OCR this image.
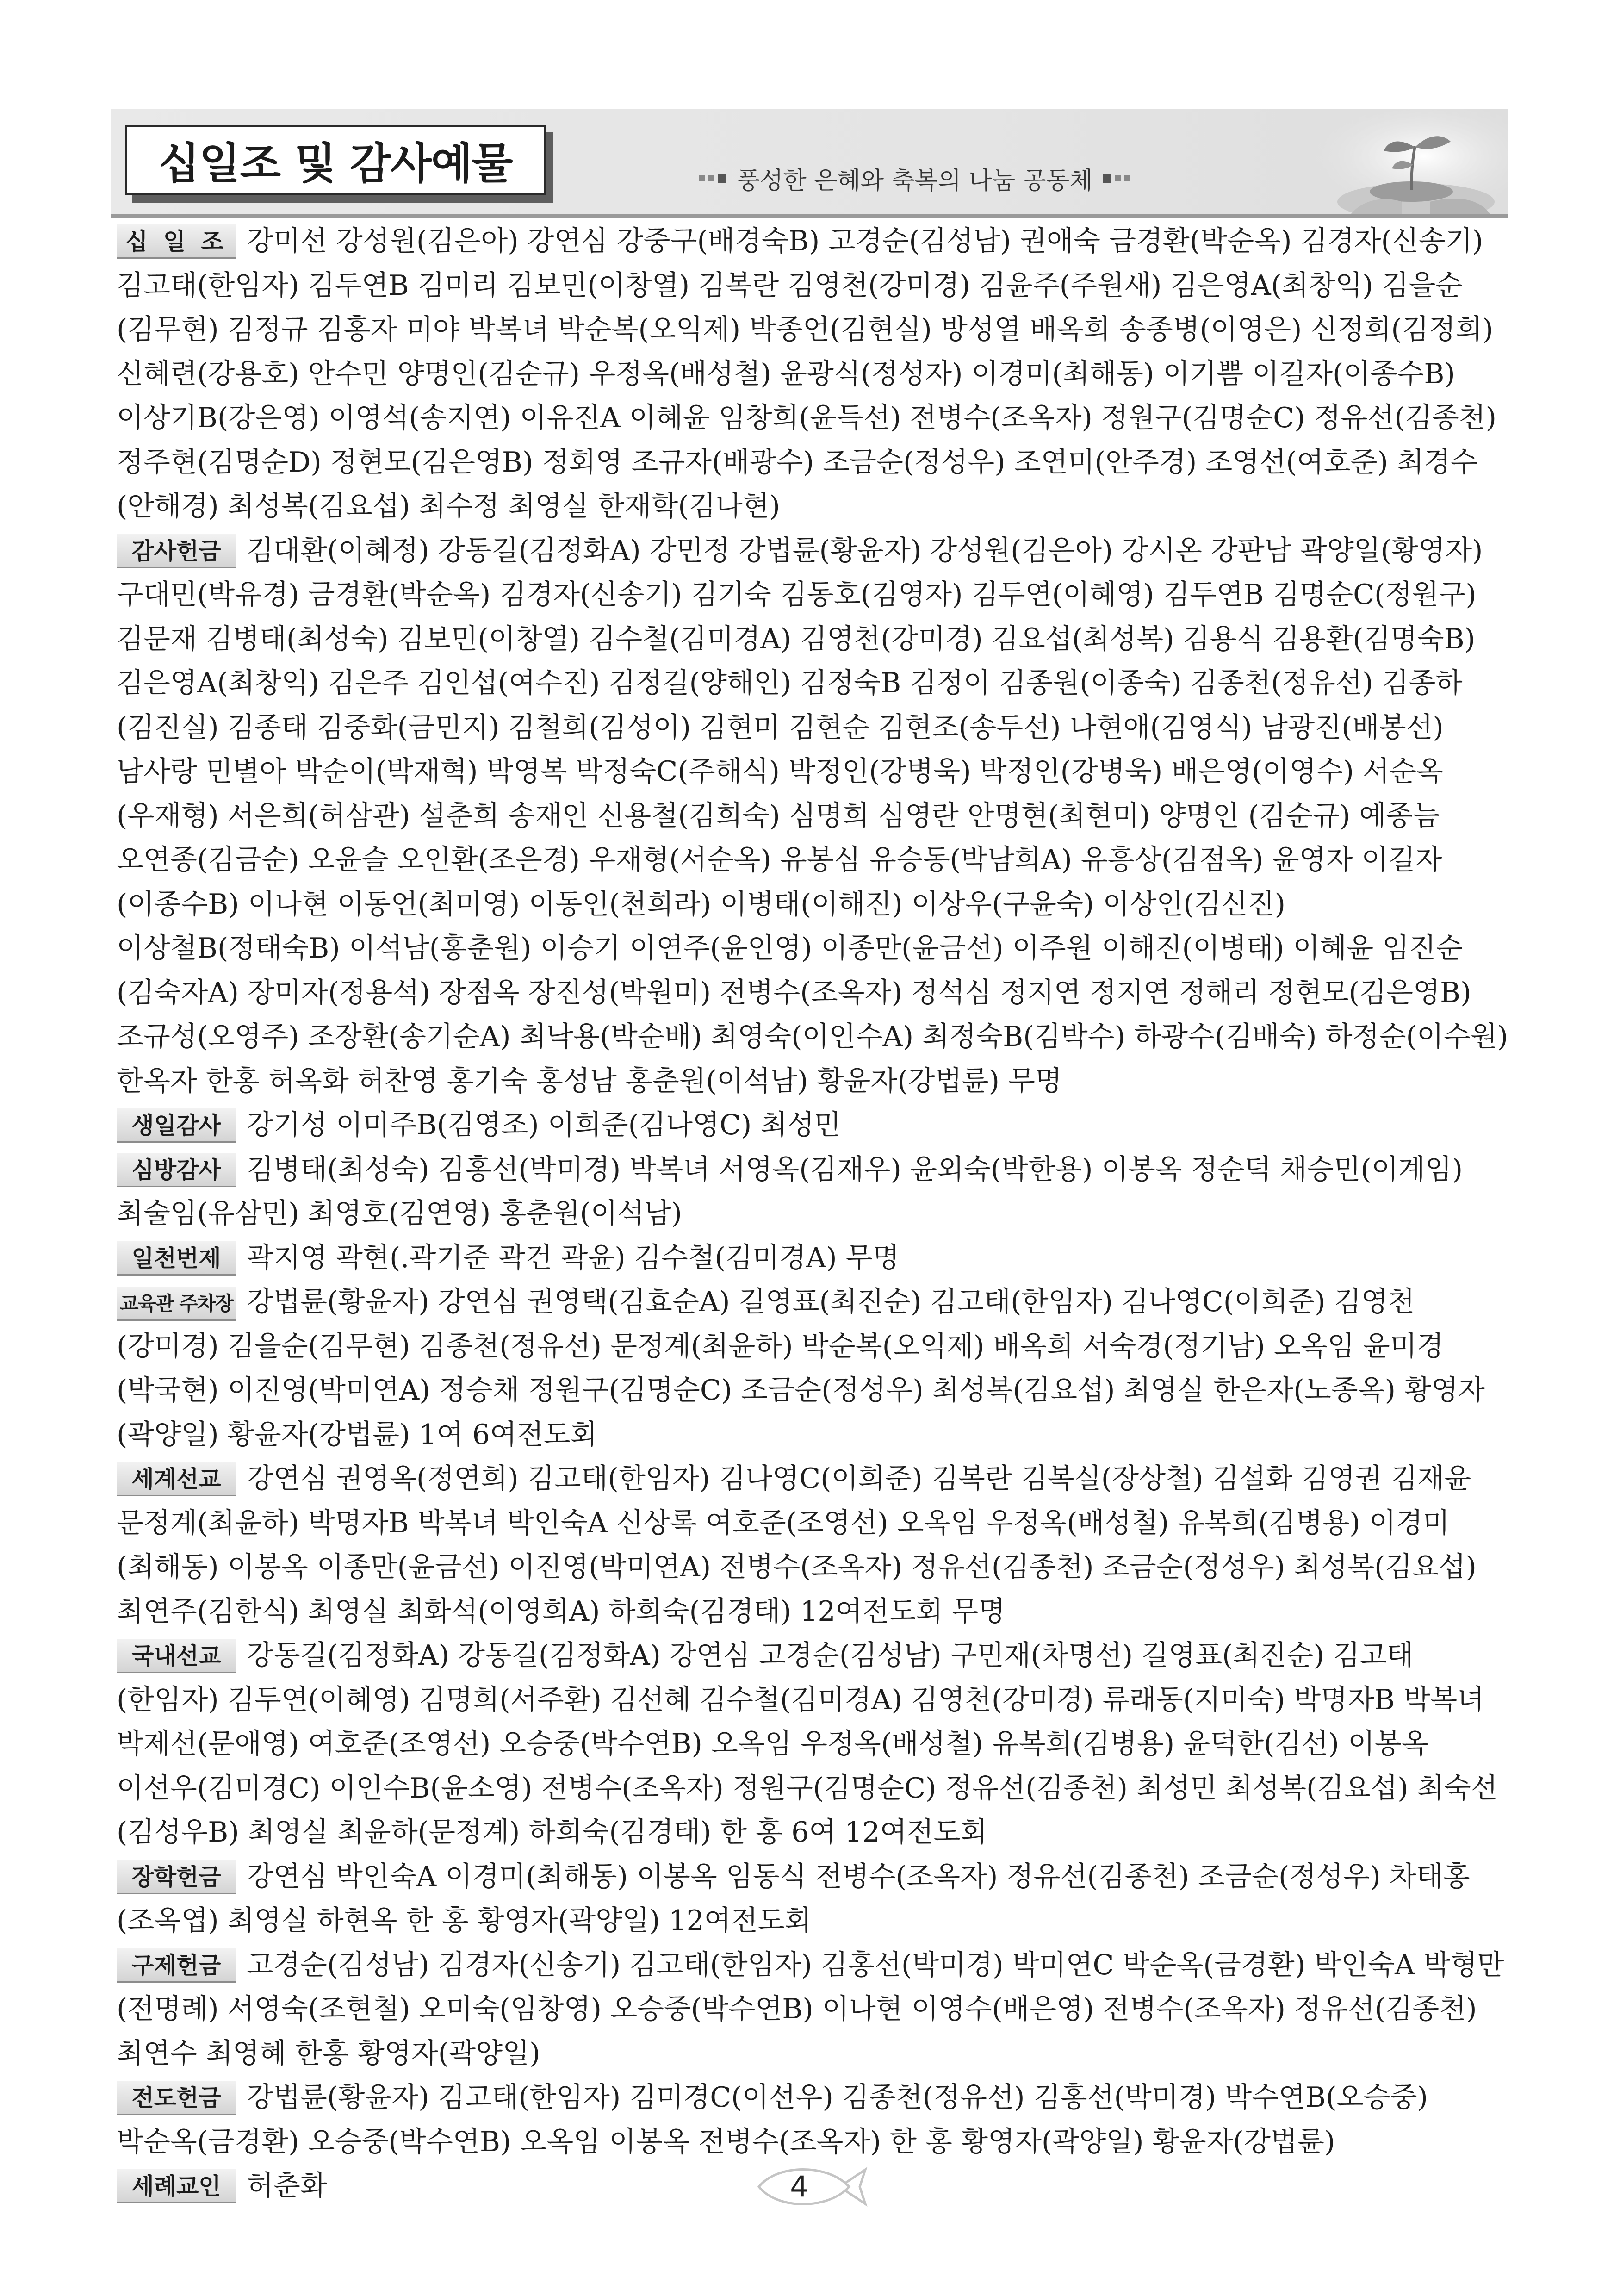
십일조 및 감사예물	풍성한 은혜와 축복의 나눔 공동체
십 일 조 강미선 강성원(김은아) 강연심 강중구(배경숙B) 고경순(김성남) 권애숙 금경환(박순옥) 김경자(신송기) 김고태(한임자) 김두연B 김미리 김보민(이창열) 김복란 김영천(강미경) 김윤주(주원새) 김은영A(최창익) 김을순(김무현) 김정규 김홍자 미야 박복녀 박순복(오익제) 박종언(김현실) 방성열 배옥희 송종병(이영은) 신정희(김정희) 신혜련(강용호) 안수민 양명인(김순규) 우정옥(배성철) 윤광식(정성자) 이경미(최해동) 이기쁨 이길자(이종수B) 이상기B(강은영) 이영석(송지연) 이유진A 이혜윤 임창희(윤득선) 전병수(조옥자) 정원구(김명순C) 정유선(김종천) 정주현(김명순D) 정현모(김은영B) 정회영 조규자(배광수) 조금순(정성우) 조연미(안주경) 조영선(여호준) 최경수(안해경) 최성복(김요섭) 최수정 최영실 한재학(김나현)
감사헌금 김대환(이혜정) 강동길(김정화A) 강민정 강법륜(황윤자) 강성원(김은아) 강시온 강판남 곽양일(황영자) 구대민(박유경) 금경환(박순옥) 김경자(신송기) 김기숙 김동호(김영자) 김두연(이혜영) 김두연B 김명순C(정원구) 김문재 김병태(최성숙) 김보민(이창열) 김수철(김미경A) 김영천(강미경) 김요섭(최성복) 김용식 김용환(김명숙B) 김은영A(최창익) 김은주 김인섭(여수진) 김정길(양해인) 김정숙B 김정이 김종원(이종숙) 김종천(정유선) 김종하(김진실) 김종태 김중화(금민지) 김철희(김성이) 김현미 김현순 김현조(송두선) 나현애(김영식) 남광진(배봉선) 남사랑 민별아 박순이(박재혁) 박영복 박정숙C(주해식) 박정인(강병욱) 박정인(강병욱) 배은영(이영수) 서순옥(우재형) 서은희(허삼관) 설춘희 송재인 신용철(김희숙) 심명희 심영란 안명현(최현미) 양명인 (김순규) 예종늠 오연종(김금순) 오윤슬 오인환(조은경) 우재형(서순옥) 유봉심 유승동(박남희A) 유흥상(김점옥) 윤영자 이길자(이종수B) 이나현 이동언(최미영) 이동인(천희라) 이병태(이해진) 이상우(구윤숙) 이상인(김신진) 이상철B(정태숙B) 이석남(홍춘원) 이승기 이연주(윤인영) 이종만(윤금선) 이주원 이해진(이병태) 이혜윤 임진순(김숙자A) 장미자(정용석) 장점옥 장진성(박원미) 전병수(조옥자) 정석심 정지연 정지연 정해리 정현모(김은영B) 조규성(오영주) 조장환(송기순A) 최낙용(박순배) 최영숙(이인수A) 최정숙B(김박수) 하광수(김배숙) 하정순(이수원) 한옥자 한홍 허옥화 허찬영 홍기숙 홍성남 홍춘원(이석남) 황윤자(강법륜) 무명
생일감사 강기성 이미주B(김영조) 이희준(김나영C) 최성민
심방감사 김병태(최성숙) 김홍선(박미경) 박복녀 서영옥(김재우) 윤외숙(박한용) 이봉옥 정순덕 채승민(이계임) 최술임(유삼민) 최영호(김연영) 홍춘원(이석남)
일천번제 곽지영 곽현(.곽기준 곽건 곽윤) 김수철(김미경A) 무명
교육관 주차장 강법륜(황윤자) 강연심 권영택(김효순A) 길영표(최진순) 김고태(한임자) 김나영C(이희준) 김영천(강미경) 김을순(김무현) 김종천(정유선) 문정계(최윤하) 박순복(오익제) 배옥희 서숙경(정기남) 오옥임 윤미경(박국현) 이진영(박미연A) 정승채 정원구(김명순C) 조금순(정성우) 최성복(김요섭) 최영실 한은자(노종옥) 황영자(곽양일) 황윤자(강법륜) 1여 6여전도회
세계선교 강연심 권영옥(정연희) 김고태(한임자) 김나영C(이희준) 김복란 김복실(장상철) 김설화 김영권 김재윤 문정계(최윤하) 박명자B 박복녀 박인숙A 신상록 여호준(조영선) 오옥임 우정옥(배성철) 유복희(김병용) 이경미(최해동) 이봉옥 이종만(윤금선) 이진영(박미연A) 전병수(조옥자) 정유선(김종천) 조금순(정성우) 최성복(김요섭) 최연주(김한식) 최영실 최화석(이영희A) 하희숙(김경태) 12여전도회 무명
국내선교 강동길(김정화A) 강동길(김정화A) 강연심 고경순(김성남) 구민재(차명선) 길영표(최진순) 김고태(한임자) 김두연(이혜영) 김명희(서주환) 김선혜 김수철(김미경A) 김영천(강미경) 류래동(지미숙) 박명자B 박복녀 박제선(문애영) 여호준(조영선) 오승중(박수연B) 오옥임 우정옥(배성철) 유복희(김병용) 윤덕한(김선) 이봉옥 이선우(김미경C) 이인수B(윤소영) 전병수(조옥자) 정원구(김명순C) 정유선(김종천) 최성민 최성복(김요섭) 최숙선(김성우B) 최영실 최윤하(문정계) 하희숙(김경태) 한 홍 6여 12여전도회
장학헌금 강연심 박인숙A 이경미(최해동) 이봉옥 임동식 전병수(조옥자) 정유선(김종천) 조금순(정성우) 차태홍(조옥엽) 최영실 하현옥 한 홍 황영자(곽양일) 12여전도회
구제헌금 고경순(김성남) 김경자(신송기) 김고태(한임자) 김홍선(박미경) 박미연C 박순옥(금경환) 박인숙A 박형만(전명례) 서영숙(조현철) 오미숙(임창영) 오승중(박수연B) 이나현 이영수(배은영) 전병수(조옥자) 정유선(김종천) 최연수 최영혜 한홍 황영자(곽양일)
전도헌금 강법륜(황윤자) 김고태(한임자) 김미경C(이선우) 김종천(정유선) 김홍선(박미경) 박수연B(오승중) 박순옥(금경환) 오승중(박수연B) 오옥임 이봉옥 전병수(조옥자) 한 홍 황영자(곽양일) 황윤자(강법륜)
세례교인 허춘화	4
